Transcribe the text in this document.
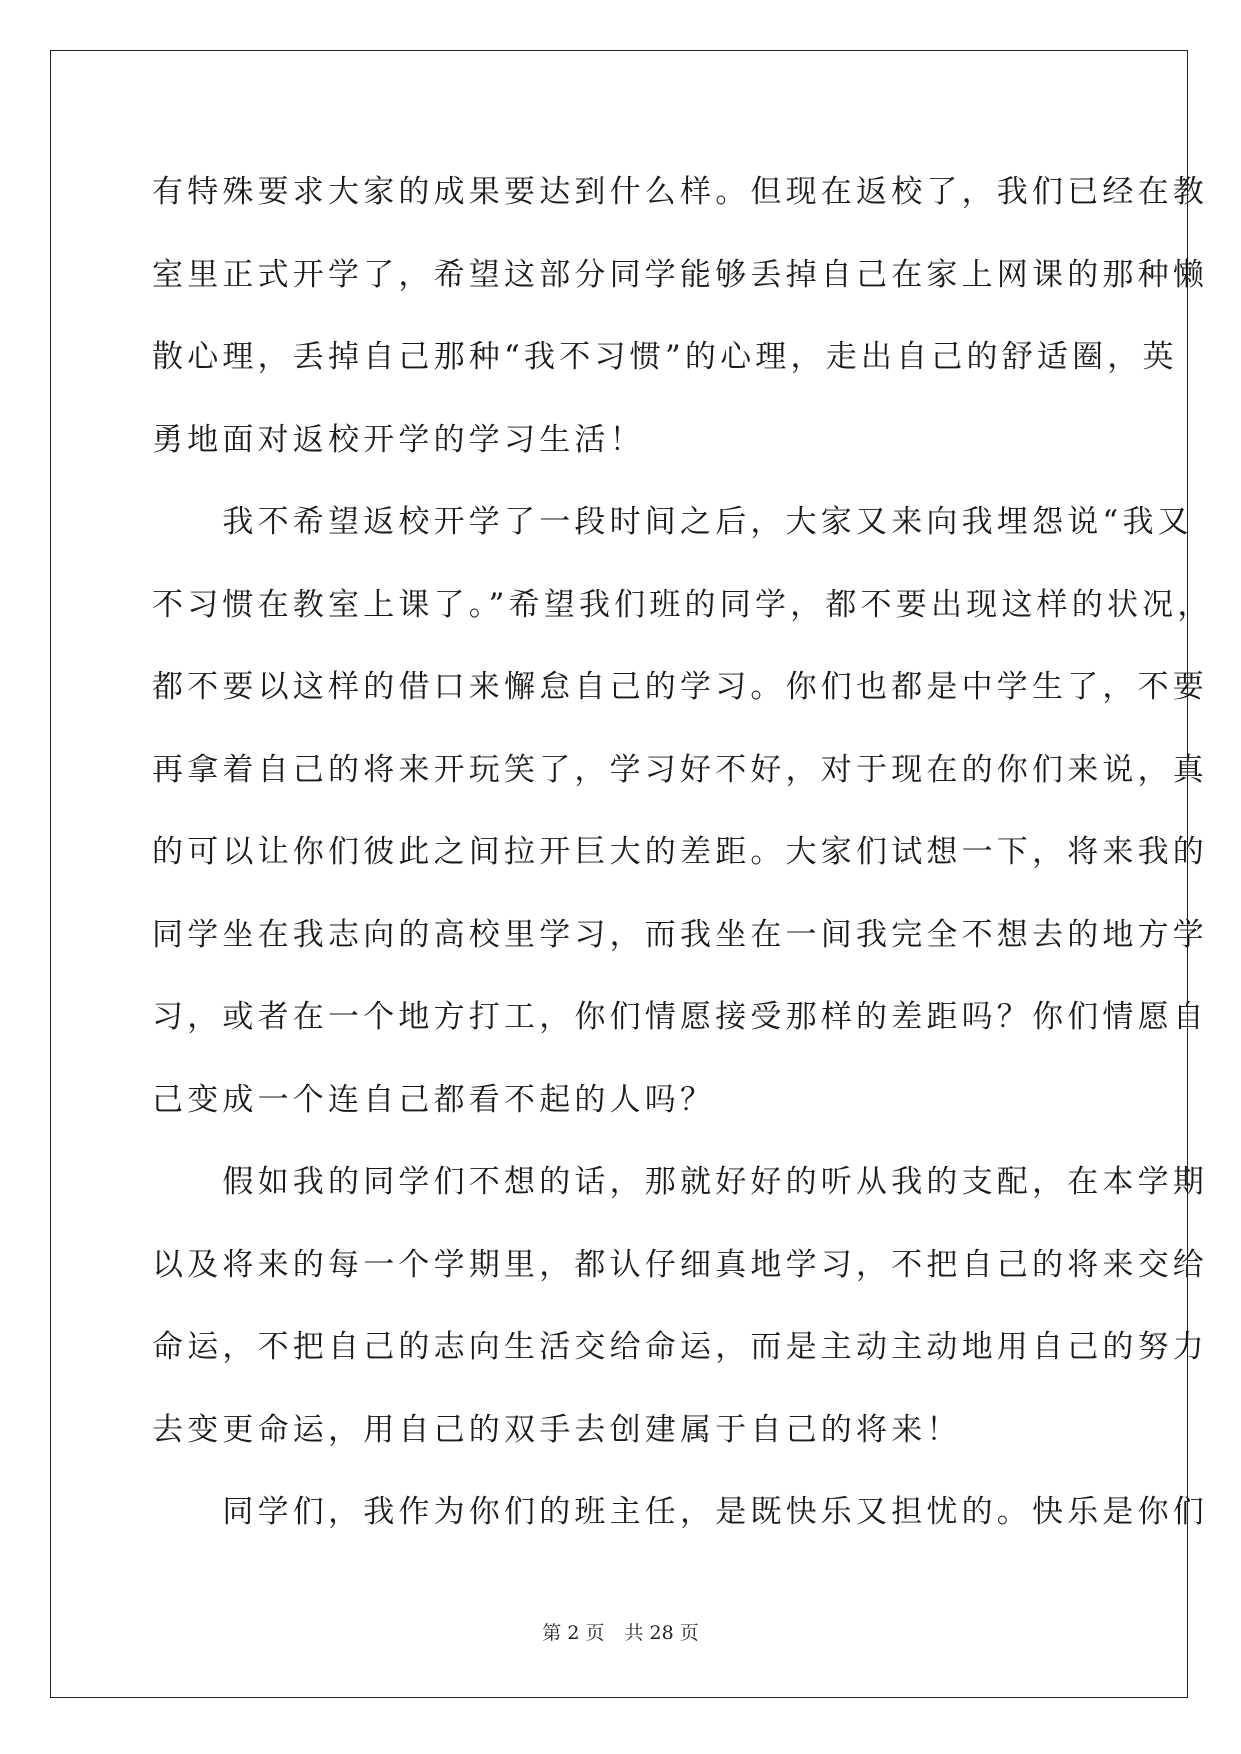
有特殊要求大家的成果要达到什么样。但现在返校了，我们已经在教
室里正式开学了，希望这部分同学能够丢掉自己在家上网课的那种懒
散心理，丢掉自己那种“我不习惯”的心理，走出自己的舒适圈，英
勇地面对返校开学的学习生活！
　　我不希望返校开学了一段时间之后，大家又来向我埋怨说“我又
不习惯在教室上课了。”希望我们班的同学，都不要出现这样的状况，
都不要以这样的借口来懈怠自己的学习。你们也都是中学生了，不要
再拿着自己的将来开玩笑了，学习好不好，对于现在的你们来说，真
的可以让你们彼此之间拉开巨大的差距。大家们试想一下，将来我的
同学坐在我志向的高校里学习，而我坐在一间我完全不想去的地方学
习，或者在一个地方打工，你们情愿接受那样的差距吗？你们情愿自
己变成一个连自己都看不起的人吗？
　　假如我的同学们不想的话，那就好好的听从我的支配，在本学期
以及将来的每一个学期里，都认仔细真地学习，不把自己的将来交给
命运，不把自己的志向生活交给命运，而是主动主动地用自己的努力
去变更命运，用自己的双手去创建属于自己的将来！
　　同学们，我作为你们的班主任，是既快乐又担忧的。快乐是你们
第 2 页 共 28 页
